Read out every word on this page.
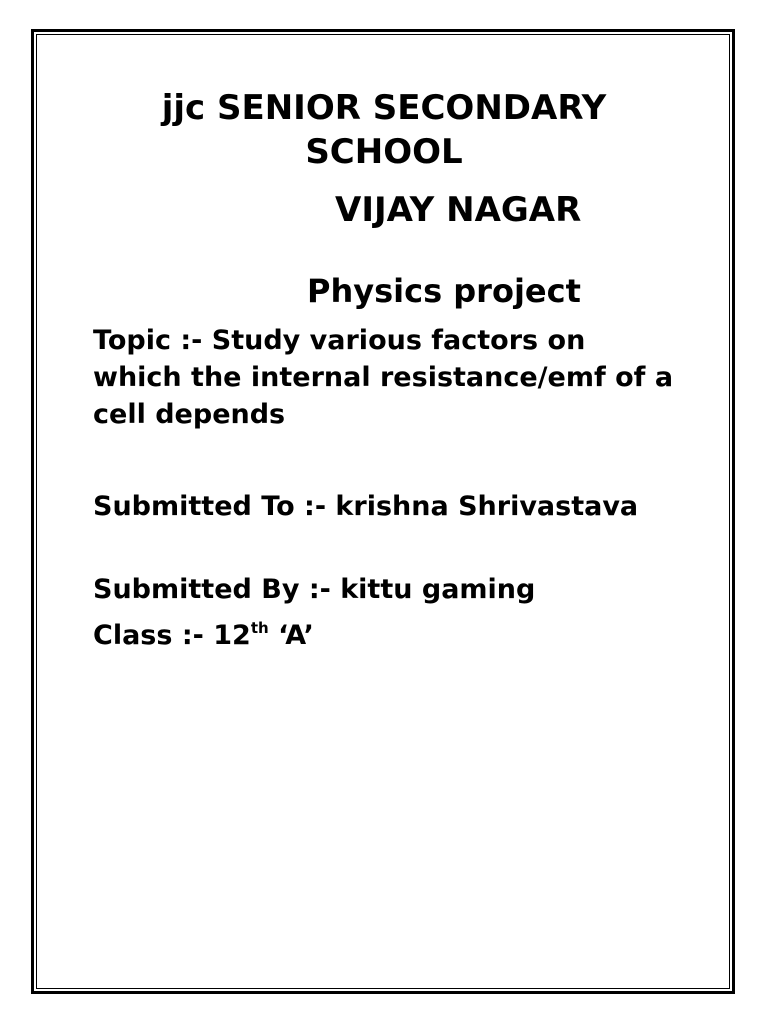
jjc SENIOR SECONDARY SCHOOL
VIJAY NAGAR
Physics project
Topic :- Study various factors on which the internal resistance/emf of a cell depends
Submitted To :- krishna Shrivastava
Submitted By :- kittu gaming
Class :- 12th ‘A’
